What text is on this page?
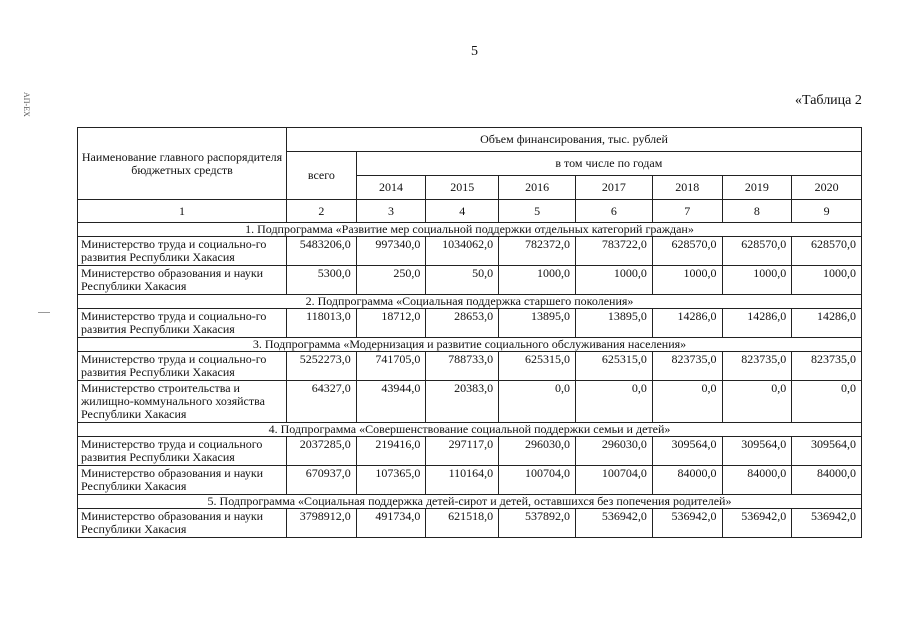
5
АП-ЕХ	«Таблица 2
Наименование главного распорядителя бюджетных средств	Объем финансирования, тыс. рублей							
	всего	в том числе по годам						
		2014	2015	2016	2017	2018	2019	2020
1	2	3	4	5	6	7	8	9
1. Подпрограмма «Развитие мер социальной поддержки отдельных категорий граждан»								
Министерство труда и социально-го развития Республики Хакасия	5483206,0	997340,0	1034062,0	782372,0	783722,0	628570,0	628570,0	628570,0
Министерство образования и науки Республики Хакасия	5300,0	250,0	50,0	1000,0	1000,0	1000,0	1000,0	1000,0
2. Подпрограмма «Социальная поддержка старшего поколения»								
Министерство труда и социально-го развития Республики Хакасия	118013,0	18712,0	28653,0	13895,0	13895,0	14286,0	14286,0	14286,0
3. Подпрограмма «Модернизация и развитие социального обслуживания населения»								
Министерство труда и социально-го развития Республики Хакасия	5252273,0	741705,0	788733,0	625315,0	625315,0	823735,0	823735,0	823735,0
Министерство строительства и жилищно-коммунального хозяйства Республики Хакасия	64327,0	43944,0	20383,0	0,0	0,0	0,0	0,0	0,0
4. Подпрограмма «Совершенствование социальной поддержки семьи и детей»								
Министерство труда и социального развития Республики Хакасия	2037285,0	219416,0	297117,0	296030,0	296030,0	309564,0	309564,0	309564,0
Министерство образования и науки Республики Хакасия	670937,0	107365,0	110164,0	100704,0	100704,0	84000,0	84000,0	84000,0
5. Подпрограмма «Социальная поддержка детей-сирот и детей, оставшихся без попечения родителей»								
Министерство образования и науки Республики Хакасия	3798912,0	491734,0	621518,0	537892,0	536942,0	536942,0	536942,0	536942,0
